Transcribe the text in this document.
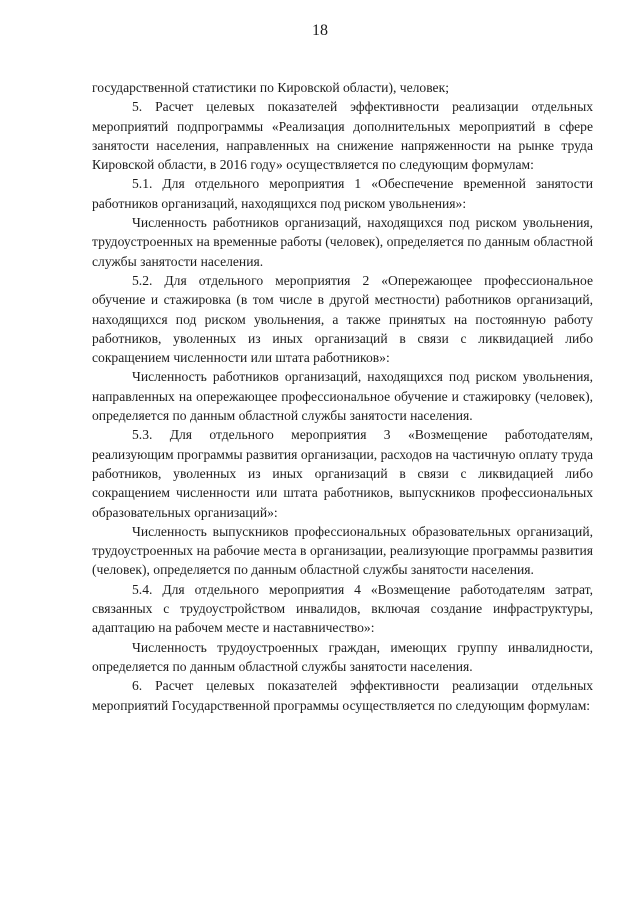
18

государственной статистики по Кировской области), человек;

5. Расчет целевых показателей эффективности реализации отдельных мероприятий подпрограммы «Реализация дополнительных мероприятий в сфере занятости населения, направленных на снижение напряженности на рынке труда Кировской области, в 2016 году» осуществляется по следующим формулам:

5.1. Для отдельного мероприятия 1 «Обеспечение временной занятости работников организаций, находящихся под риском увольнения»:

Численность работников организаций, находящихся под риском увольнения, трудоустроенных на временные работы (человек), определяется по данным областной службы занятости населения.

5.2. Для отдельного мероприятия 2 «Опережающее профессиональное обучение и стажировка (в том числе в другой местности) работников организаций, находящихся под риском увольнения, а также принятых на постоянную работу работников, уволенных из иных организаций в связи с ликвидацией либо сокращением численности или штата работников»:

Численность работников организаций, находящихся под риском увольнения, направленных на опережающее профессиональное обучение и стажировку (человек), определяется по данным областной службы занятости населения.

5.3. Для отдельного мероприятия 3 «Возмещение работодателям, реализующим программы развития организации, расходов на частичную оплату труда работников, уволенных из иных организаций в связи с ликвидацией либо сокращением численности или штата работников, выпускников профессиональных образовательных организаций»:

Численность выпускников профессиональных образовательных организаций, трудоустроенных на рабочие места в организации, реализующие программы развития (человек), определяется по данным областной службы занятости населения.

5.4. Для отдельного мероприятия 4 «Возмещение работодателям затрат, связанных с трудоустройством инвалидов, включая создание инфраструктуры, адаптацию на рабочем месте и наставничество»:

Численность трудоустроенных граждан, имеющих группу инвалидности, определяется по данным областной службы занятости населения.

6. Расчет целевых показателей эффективности реализации отдельных мероприятий Государственной программы осуществляется по следующим формулам:
